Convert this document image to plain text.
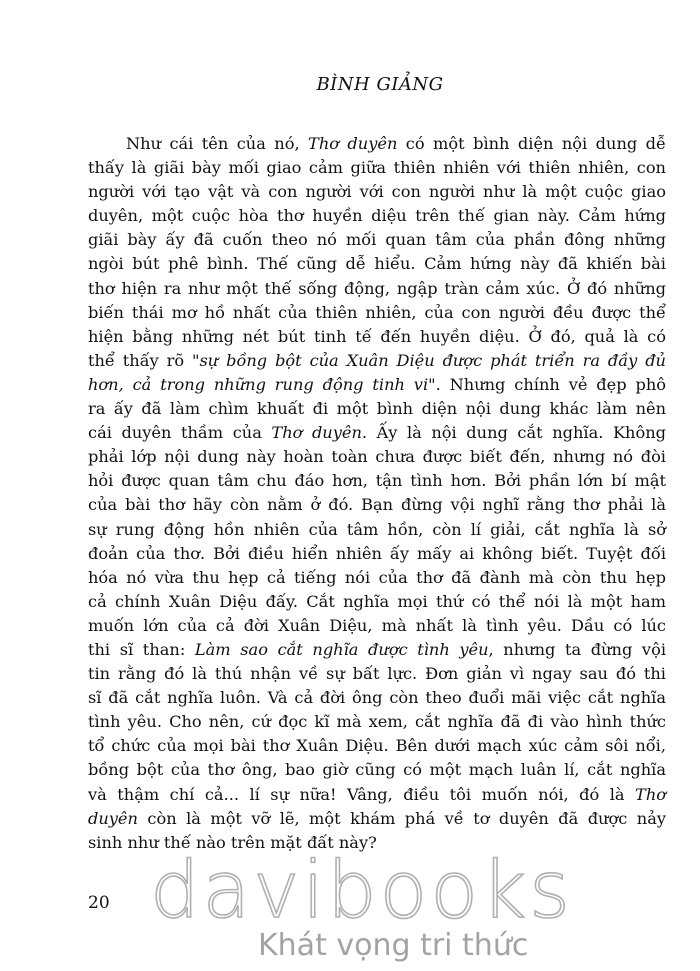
BÌNH GIẢNG
Như cái tên của nó, Thơ duyên có một bình diện nội dung dễ
thấy là giãi bày mối giao cảm giữa thiên nhiên với thiên nhiên, con
người với tạo vật và con người với con người như là một cuộc giao
duyên, một cuộc hòa thơ huyền diệu trên thế gian này. Cảm hứng
giãi bày ấy đã cuốn theo nó mối quan tâm của phần đông những
ngòi bút phê bình. Thế cũng dễ hiểu. Cảm hứng này đã khiến bài
thơ hiện ra như một thế sống động, ngập tràn cảm xúc. Ở đó những
biến thái mơ hồ nhất của thiên nhiên, của con người đều được thể
hiện bằng những nét bút tinh tế đến huyền diệu. Ở đó, quả là có
thể thấy rõ "sự bồng bột của Xuân Diệu được phát triển ra đầy đủ
hơn, cả trong những rung động tinh vi". Nhưng chính vẻ đẹp phô
ra ấy đã làm chìm khuất đi một bình diện nội dung khác làm nên
cái duyên thầm của Thơ duyên. Ấy là nội dung cắt nghĩa. Không
phải lớp nội dung này hoàn toàn chưa được biết đến, nhưng nó đòi
hỏi được quan tâm chu đáo hơn, tận tình hơn. Bởi phần lớn bí mật
của bài thơ hãy còn nằm ở đó. Bạn đừng vội nghĩ rằng thơ phải là
sự rung động hồn nhiên của tâm hồn, còn lí giải, cắt nghĩa là sở
đoản của thơ. Bởi điều hiển nhiên ấy mấy ai không biết. Tuyệt đối
hóa nó vừa thu hẹp cả tiếng nói của thơ đã đành mà còn thu hẹp
cả chính Xuân Diệu đấy. Cắt nghĩa mọi thứ có thể nói là một ham
muốn lớn của cả đời Xuân Diệu, mà nhất là tình yêu. Dầu có lúc
thi sĩ than: Làm sao cắt nghĩa được tình yêu, nhưng ta đừng vội
tin rằng đó là thú nhận về sự bất lực. Đơn giản vì ngay sau đó thi
sĩ đã cắt nghĩa luôn. Và cả đời ông còn theo đuổi mãi việc cắt nghĩa
tình yêu. Cho nên, cứ đọc kĩ mà xem, cắt nghĩa đã đi vào hình thức
tổ chức của mọi bài thơ Xuân Diệu. Bên dưới mạch xúc cảm sôi nổi,
bồng bột của thơ ông, bao giờ cũng có một mạch luân lí, cắt nghĩa
và thậm chí cả... lí sự nữa! Vâng, điều tôi muốn nói, đó là Thơ
duyên còn là một vỡ lẽ, một khám phá về tơ duyên đã được nảy
sinh như thế nào trên mặt đất này?
20 davibooks
Khát vọng tri thức
